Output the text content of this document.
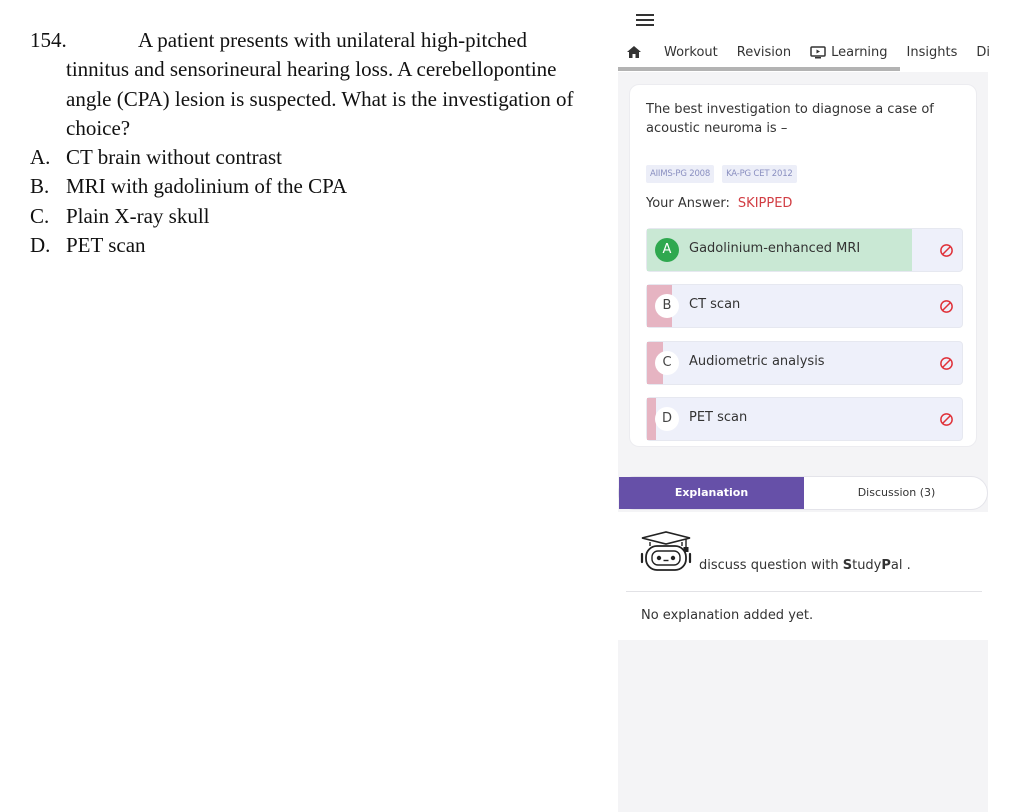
154.	A patient presents with unilateral high-pitched tinnitus and sensorineural hearing loss. A cerebellopontine angle (CPA) lesion is suspected. What is the investigation of choice?
A. CT brain without contrast
B. MRI with gadolinium of the CPA
C. Plain X-ray skull
D. PET scan
Workout Revision	Learning Insights Di
The best investigation to diagnose a case of acoustic neuroma is –
AIIMS-PG 2008	KA-PG CET 2012
Your Answer: SKIPPED
A	Gadolinium-enhanced MRI
B	CT scan
C	Audiometric analysis
D	PET scan
Explanation	Discussion (3)
discuss question with StudyPal .
No explanation added yet.
